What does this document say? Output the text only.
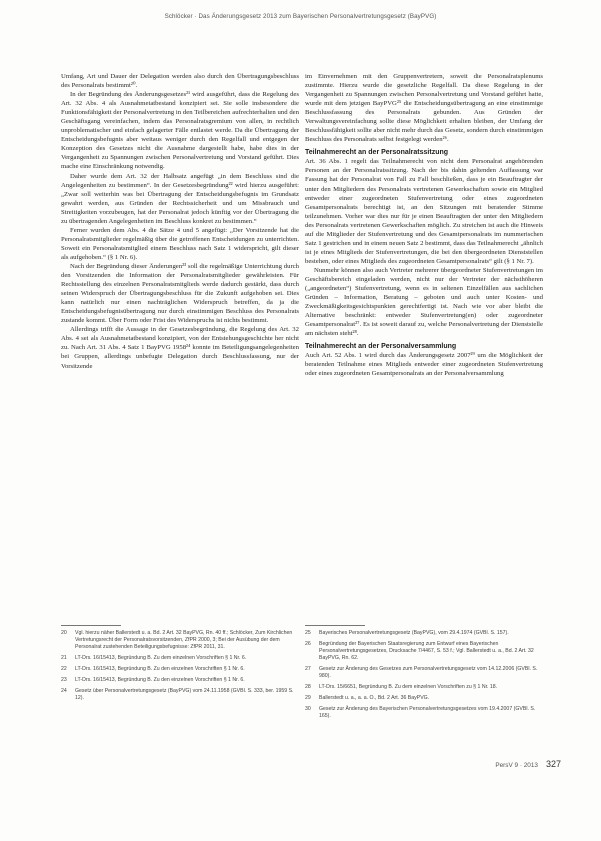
Schlöcker · Das Änderungsgesetz 2013 zum Bayerischen Personalvertretungsgesetz (BayPVG)

Umfang, Art und Dauer der Delegation werden also durch den Übertragungsbeschluss des Personalrats bestimmt²⁰.

In der Begründung des Änderungsgesetzes²¹ wird ausgeführt, dass die Regelung des Art. 32 Abs. 4 als Ausnahmetatbestand konzipiert sei. Sie solle insbesondere die Funktionsfähigkeit der Personalvertretung in den Teilbereichen aufrechterhalten und den Geschäftsgang vereinfachen, indem das Personalratsgremium von allen, in rechtlich unproblematischer und einfach gelagerter Fälle entlastet werde. Da die Übertragung der Entscheidungsbefugnis aber weitaus weniger durch den Regelfall und entgegen der Konzeption des Gesetzes nicht die Ausnahme dargestellt habe, habe dies in der Vergangenheit zu Spannungen zwischen Personalvertretung und Vorstand geführt. Dies mache eine Einschränkung notwendig.

Daher wurde dem Art. 32 der Halbsatz angefügt „in dem Beschluss sind die Angelegenheiten zu bestimmen“. In der Gesetzesbegründung²² wird hierzu ausgeführt: „Zwar soll weiterhin was bei Übertragung der Entscheidungsbefugnis im Grundsatz gewahrt werden, aus Gründen der Rechtssicherheit und um Missbrauch und Streitigkeiten vorzubeugen, hat der Personalrat jedoch künftig vor der Übertragung die zu übertragenden Angelegenheiten im Beschluss konkret zu bestimmen.“

Ferner wurden dem Abs. 4 die Sätze 4 und 5 angefügt: „Der Vorsitzende hat die Personalratsmitglieder regelmäßig über die getroffenen Entscheidungen zu unterrichten. Soweit ein Personalratsmitglied einem Beschluss nach Satz 1 widerspricht, gilt dieser als aufgehoben.“ (§ 1 Nr. 6).

Nach der Begründung dieser Änderungen²³ soll die regelmäßige Unterrichtung durch den Vorsitzenden die Information der Personalratsmitglieder gewährleisten. Für Rechtsstellung des einzelnen Personalratsmitglieds werde dadurch gestärkt, dass durch seinen Widerspruch der Übertragungsbeschluss für die Zukunft aufgehoben sei. Dies kann natürlich nur einen nachträglichen Widerspruch betreffen, da ja die Entscheidungsbefugnisübertragung nur durch einstimmigen Beschluss des Personalrats zustande kommt. Über Form oder Frist des Widerspruchs ist nichts bestimmt.

Allerdings trifft die Aussage in der Gesetzesbegründung, die Regelung des Art. 32 Abs. 4 sei als Ausnahmetatbestand konzipiert, von der Entstehungsgeschichte her nicht zu. Nach Art. 31 Abs. 4 Satz 1 BayPVG 1958²⁴ konnte im Beteiligungsangelegenheiten bei Gruppen, allerdings unbefugte Delegation durch Beschlussfassung, nur der Vorsitzende

im Einvernehmen mit den Gruppenvertretern, soweit die Personalratsplenums zustimmte. Hierzu wurde die gesetzliche Regelfall. Da diese Regelung in der Vergangenheit zu Spannungen zwischen Personalvertretung und Vorstand geführt hatte, wurde mit dem jetzigen BayPVG²⁵ die Entscheidungsübertragung an eine einstimmige Beschlussfassung des Personalrats gebunden. Aus Gründen der Verwaltungsvereinfachung sollte diese Möglichkeit erhalten bleiben, der Umfang der Beschlussfähigkeit sollte aber nicht mehr durch das Gesetz, sondern durch einstimmigen Beschluss des Personalrats selbst festgelegt werden²⁶.

Teilnahmerecht an der Personalratssitzung

Art. 36 Abs. 1 regelt das Teilnahmerecht von nicht dem Personalrat angehörenden Personen an der Personalratssitzung. Nach der bis dahin geltenden Auffassung war Fassung hat der Personalrat von Fall zu Fall beschließen, dass je ein Beauftragter der unter den Mitgliedern des Personalrats vertretenen Gewerkschaften sowie ein Mitglied entweder einer zugeordneten Stufenvertretung oder eines zugeordneten Gesamtpersonalrats berechtigt ist, an den Sitzungen mit beratender Stimme teilzunehmen. Vorher war dies nur für je einen Beauftragten der unter den Mitgliedern des Personalrats vertretenen Gewerkschaften möglich. Zu streichen ist auch die Hinweis auf die Mitglieder der Stufenvertretung und des Gesamtpersonalrats im nummerischen Satz 1 gestrichen und in einem neuen Satz 2 bestimmt, dass das Teilnahmerecht „ähnlich ist je eines Mitglieds der Stufenvertretungen, die bei den übergeordneten Dienststellen bestehen, oder eines Mitglieds des zugeordneten Gesamtpersonalrats“ gilt (§ 1 Nr. 7).

Nunmehr können also auch Vertreter mehrerer übergeordneter Stufenvertretungen im Geschäftsbereich eingeladen werden, nicht nur der Vertreter der nächsthöheren („angeordneten“) Stufenvertretung, wenn es in seltenen Einzelfällen aus sachlichen Gründen – Information, Beratung – geboten und auch unter Kosten- und Zweckmäßigkeitsgesichtspunkten gerechtfertigt ist. Nach wie vor aber bleibt die Alternative beschränkt: entweder Stufenvertretung(en) oder zugeordneter Gesamtpersonalrat²⁷. Es ist soweit darauf zu, welche Personalvertretung der Dienststelle am nächsten steht²⁸.

Teilnahmerecht an der Personalversammlung

Auch Art. 52 Abs. 1 wird durch das Änderungsgesetz 2007²⁹ um die Möglichkeit der beratenden Teilnahme eines Mitglieds entweder einer zugeordneten Stufenvertretung oder eines zugeordneten Gesamtpersonalrats an der Personalversammlung

20	Vgl. hierzu näher Ballerstedt u. a. Bd. 2 Art. 32 BayPVG, Rn. 40 ff.; Schlöcker, Zum Kirchlichen Vertretungsrecht der Personalratsvorsitzenden, ZfPR 2000, 3; Bei der Ausübung der dem Personalrat zustehenden Beteiligungsbefugnisse: ZfPR 2011, 31.
21	LT-Drs. 16/15413, Begründung B. Zu dem einzelnen Vorschriften § 1 Nr. 6.
22	LT-Drs. 16/15413, Begründung B. Zu den einzelnen Vorschriften § 1 Nr. 6.
23	LT-Drs. 16/15413, Begründung B. Zu den einzelnen Vorschriften § 1 Nr. 6.
24	Gesetz über Personalvertretungsgesetz (BayPVG) vom 24.11.1958 (GVBl. S. 333, ber. 1959 S. 12).
25	Bayerisches Personalvertretungsgesetz (BayPVG), vom 29.4.1974 (GVBl. S. 157).
26	Begründung der Bayerischen Staatsregierung zum Entwurf eines Bayerischen Personalvertretungsgesetzes, Drucksache 7/4467, S. 53 f.; Vgl. Ballerstedt u. a., Bd. 2 Art. 32 BayPVG, Rn. 62.
27	Gesetz zur Änderung des Gesetzes zum Personalvertretungsgesetz vom 14.12.2006 (GVBl. S. 980).
28	LT-Drs. 15/6651, Begründung B. Zu dem einzelnen Vorschriften zu § 1 Nr. 18.
29	Ballerstedt u. a., a. a. O., Bd. 2 Art. 36 BayPVG.
30	Gesetz zur Änderung des Bayerischen Personalvertretungsgesetzes vom 19.4.2007 (GVBl. S. 165).
PersV 9 · 2013 327
